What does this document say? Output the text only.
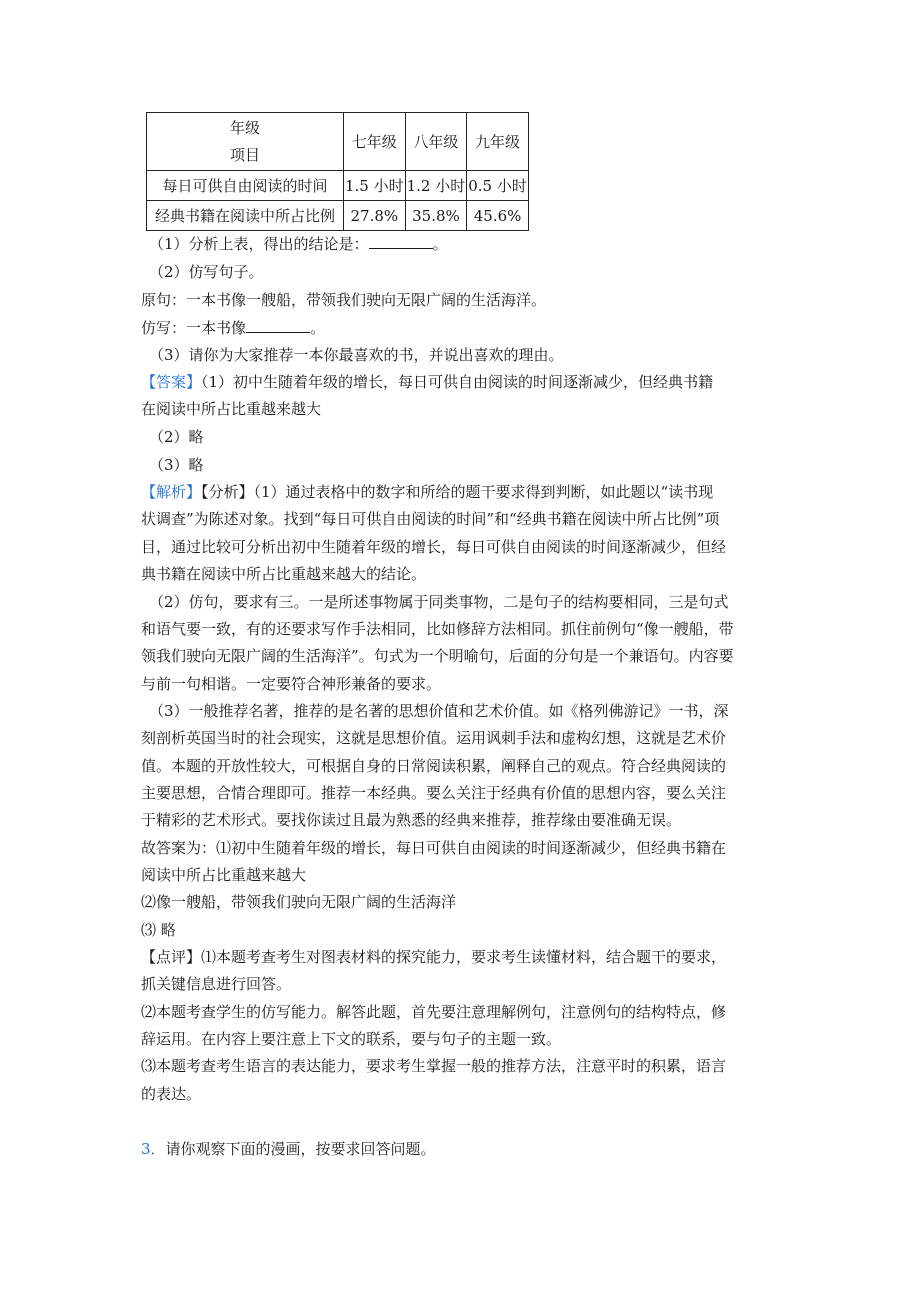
年级
项目	七年级	八年级	九年级
每日可供自由阅读的时间	1.5 小时	1.2 小时	0.5 小时
经典书籍在阅读中所占比例	27.8%	35.8%	45.6%
（1）分析上表，得出的结论是：	。
（2）仿写句子。
原句：一本书像一艘船，带领我们驶向无限广阔的生活海洋。
仿写：一本书像	。
（3）请你为大家推荐一本你最喜欢的书，并说出喜欢的理由。
【答案】（1）初中生随着年级的增长，每日可供自由阅读的时间逐渐减少，但经典书籍
在阅读中所占比重越来越大
（2）略
（3）略
【解析】【分析】（1）通过表格中的数字和所给的题干要求得到判断，如此题以“读书现
状调查”为陈述对象。找到“每日可供自由阅读的时间”和“经典书籍在阅读中所占比例”项
目，通过比较可分析出初中生随着年级的增长，每日可供自由阅读的时间逐渐减少，但经
典书籍在阅读中所占比重越来越大的结论。
（2）仿句，要求有三。一是所述事物属于同类事物，二是句子的结构要相同，三是句式
和语气要一致，有的还要求写作手法相同，比如修辞方法相同。抓住前例句“像一艘船，带
领我们驶向无限广阔的生活海洋”。句式为一个明喻句，后面的分句是一个兼语句。内容要
与前一句相谐。一定要符合神形兼备的要求。
（3）一般推荐名著，推荐的是名著的思想价值和艺术价值。如《格列佛游记》一书，深
刻剖析英国当时的社会现实，这就是思想价值。运用讽刺手法和虚构幻想，这就是艺术价
值。本题的开放性较大，可根据自身的日常阅读积累，阐释自己的观点。符合经典阅读的
主要思想，合情合理即可。推荐一本经典。要么关注于经典有价值的思想内容，要么关注
于精彩的艺术形式。要找你读过且最为熟悉的经典来推荐，推荐缘由要准确无误。
故答案为：⑴初中生随着年级的增长，每日可供自由阅读的时间逐渐减少，但经典书籍在
阅读中所占比重越来越大
⑵像一艘船，带领我们驶向无限广阔的生活海洋
⑶ 略
【点评】⑴本题考查考生对图表材料的探究能力，要求考生读懂材料，结合题干的要求，
抓关键信息进行回答。
⑵本题考查学生的仿写能力。解答此题，首先要注意理解例句，注意例句的结构特点，修
辞运用。在内容上要注意上下文的联系，要与句子的主题一致。
⑶本题考查考生语言的表达能力，要求考生掌握一般的推荐方法，注意平时的积累，语言
的表达。
3．请你观察下面的漫画，按要求回答问题。
